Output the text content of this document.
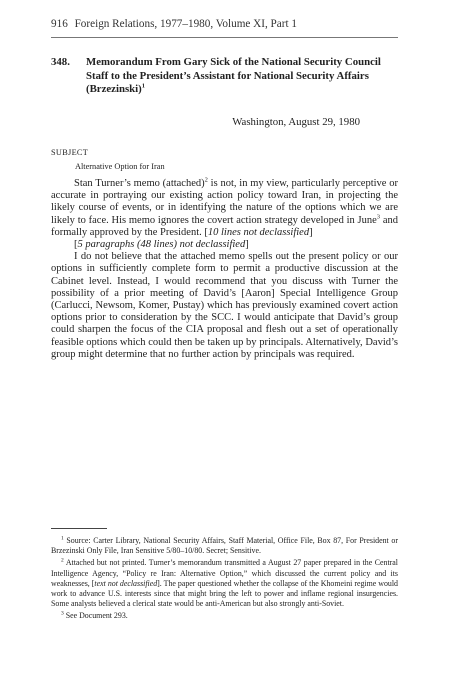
916 Foreign Relations, 1977–1980, Volume XI, Part 1
348. Memorandum From Gary Sick of the National Security Council Staff to the President’s Assistant for National Security Affairs (Brzezinski)$^1$
Washington, August 29, 1980
SUBJECT
Alternative Option for Iran

Stan Turner’s memo (attached)$^2$ is not, in my view, particularly perceptive or accurate in portraying our existing action policy toward Iran, in projecting the likely course of events, or in identifying the nature of the options which we are likely to face. His memo ignores the covert action strategy developed in June$^3$ and formally approved by the President. [10 lines not declassified]

[5 paragraphs (48 lines) not declassified]

I do not believe that the attached memo spells out the present policy or our options in sufficiently complete form to permit a productive discussion at the Cabinet level. Instead, I would recommend that you discuss with Turner the possibility of a prior meeting of David’s [Aaron] Special Intelligence Group (Carlucci, Newsom, Komer, Pustay) which has previously examined covert action options prior to consideration by the SCC. I would anticipate that David’s group could sharpen the focus of the CIA proposal and flesh out a set of operationally feasible options which could then be taken up by principals. Alternatively, David’s group might determine that no further action by principals was required.

$^1$ Source: Carter Library, National Security Affairs, Staff Material, Office File, Box 87, For President or Brzezinski Only File, Iran Sensitive 5/80–10/80. Secret; Sensitive.

$^2$ Attached but not printed. Turner’s memorandum transmitted a August 27 paper prepared in the Central Intelligence Agency, “Policy re Iran: Alternative Option,” which discussed the current policy and its weaknesses, [text not declassified]. The paper questioned whether the collapse of the Khomeini regime would work to advance U.S. interests since that might bring the left to power and inflame regional insurgencies. Some analysts believed a clerical state would be anti-American but also strongly anti-Soviet.

$^3$ See Document 293.
